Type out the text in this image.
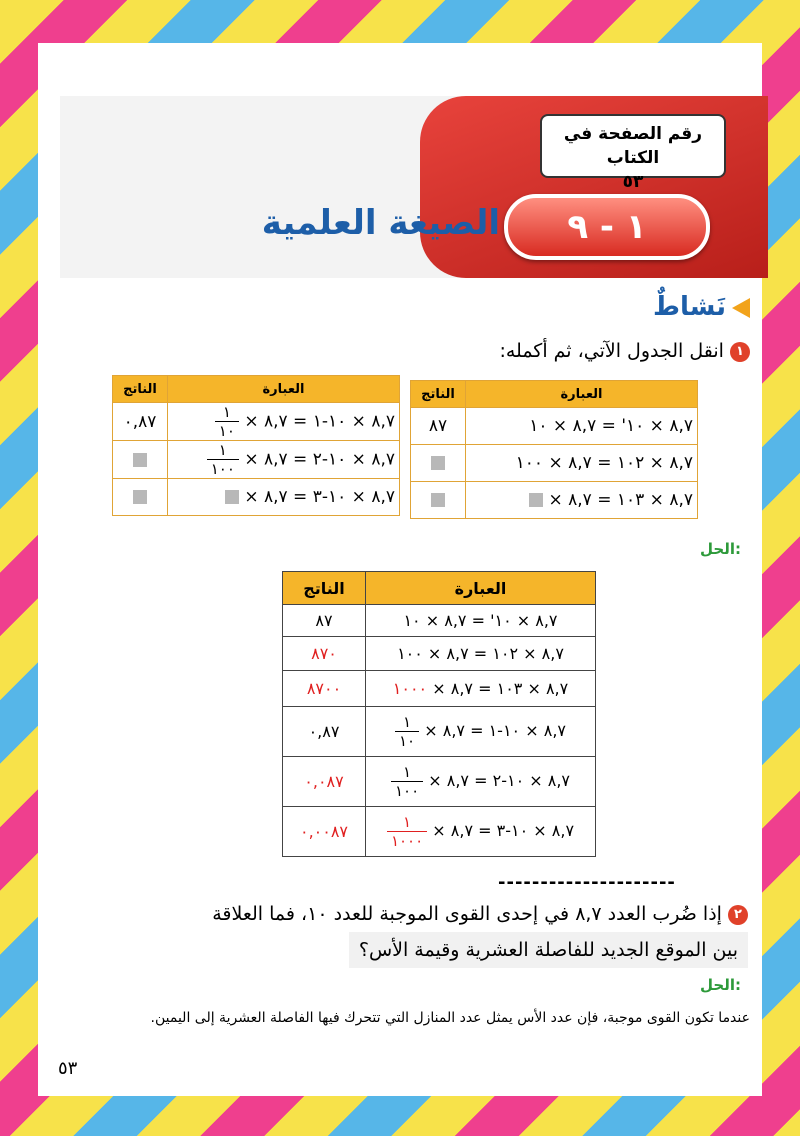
رقم الصفحة في الكتاب
٥٣
١ - ٩
الصيغة العلمية
نَشاطٌ
١ انقل الجدول الآتي، ثم أكمله:
الناتج	العبارة
٨٧	٨,٧ × ١٠' = ٨,٧ × ١٠
	٨,٧ × ١٠٢ = ٨,٧ × ١٠٠
	٨,٧ × ١٠٣ = ٨,٧ ×
الناتج	العبارة
٠,٨٧	٨,٧ × ١٠-١ = ٨,٧ ×
$\frac{١}{١٠}$

	٨,٧ × ١٠-٢ = ٨,٧ ×
$\frac{١}{١٠٠}$

	٨,٧ × ١٠-٣ = ٨,٧ ×
الحل:
الناتج	العبارة
٨٧	٨,٧ × ١٠' = ٨,٧ × ١٠
٨٧٠	٨,٧ × ١٠٢ = ٨,٧ × ١٠٠
٨٧٠٠	٨,٧ × ١٠٣ = ٨,٧ × ١٠٠٠
٠,٨٧	٨,٧ × ١٠-١ = ٨,٧ ×
$\frac{١}{١٠}$

٠,٠٨٧	٨,٧ × ١٠-٢ = ٨,٧ ×
$\frac{١}{١٠٠}$

٠,٠٠٨٧	٨,٧ × ١٠-٣ = ٨,٧ ×
$\frac{١}{١٠٠٠}$
---------------------
٢ إذا ضُرب العدد ٨,٧ في إحدى القوى الموجبة للعدد ١٠، فما العلاقة
بين الموقع الجديد للفاصلة العشرية وقيمة الأس؟
الحل:
عندما تكون القوى موجبة، فإن عدد الأس يمثل عدد المنازل التي تتحرك فيها الفاصلة العشرية إلى اليمين.
٥٣
